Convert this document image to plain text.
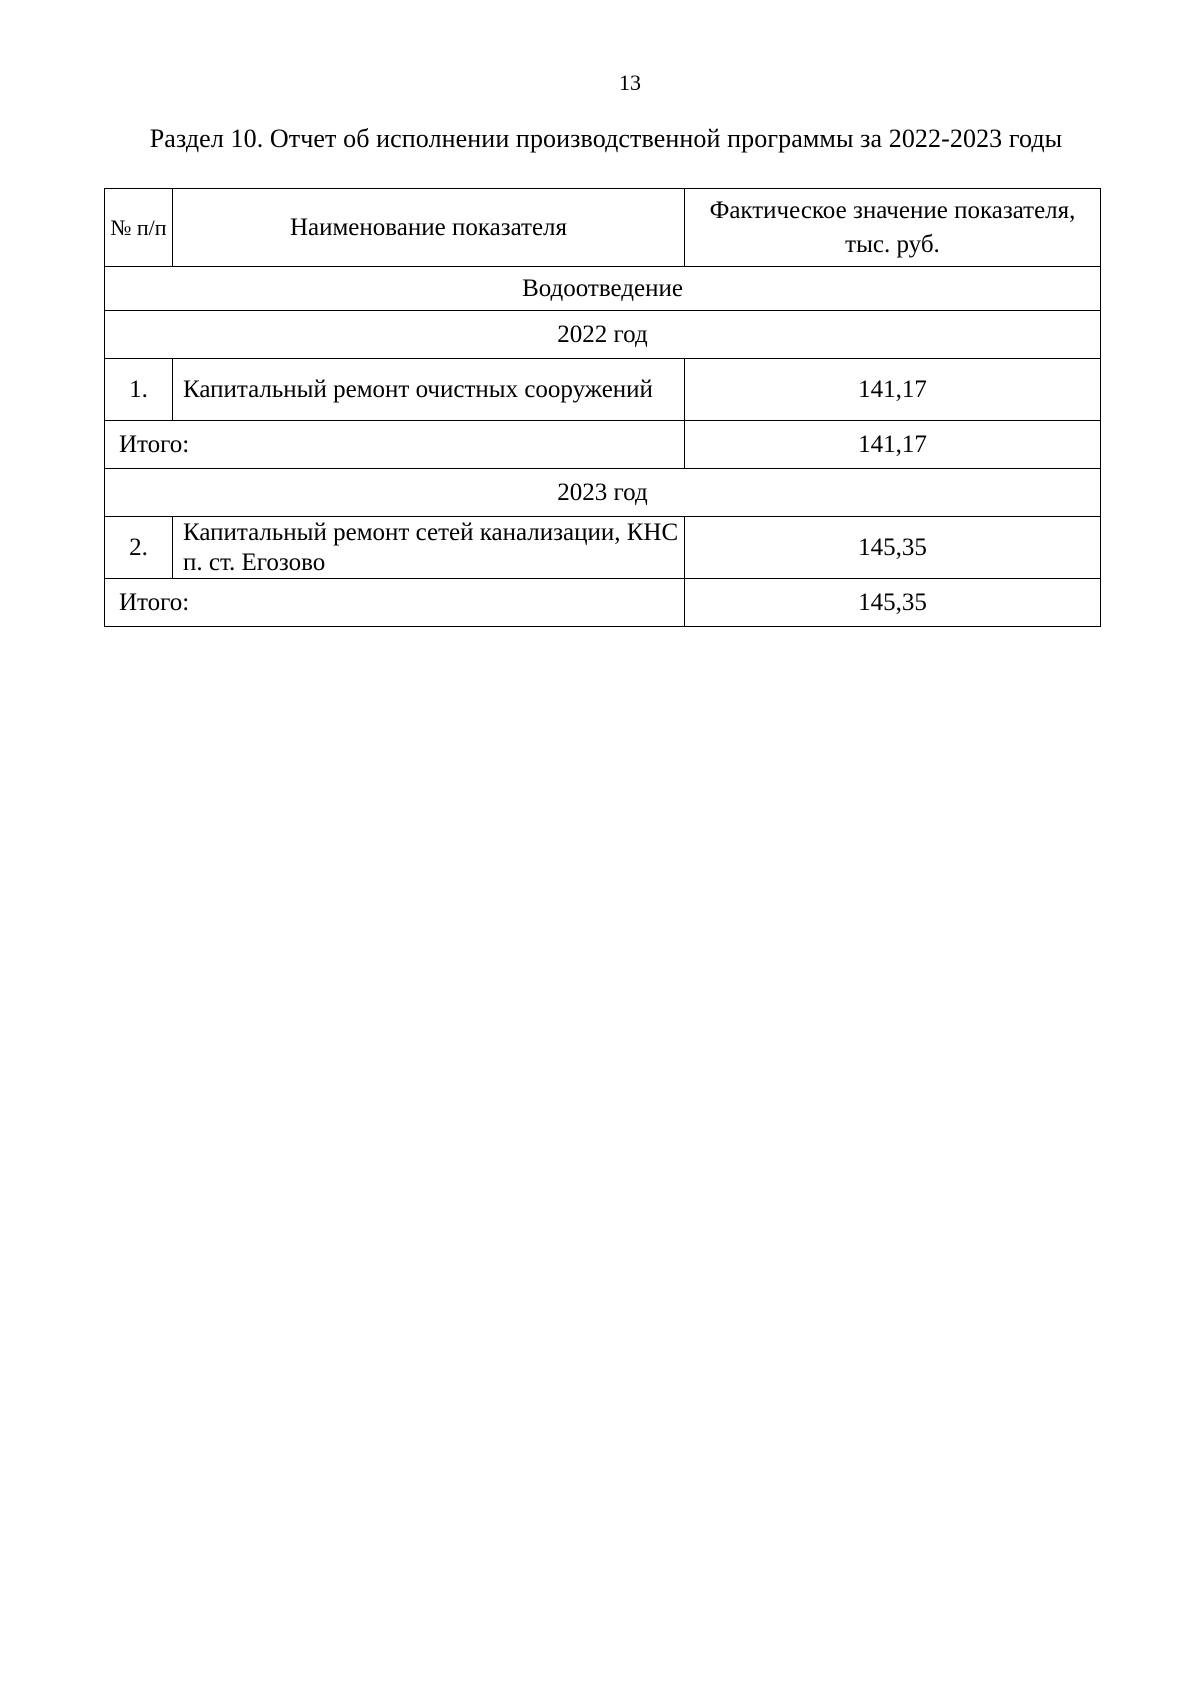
13
Раздел 10. Отчет об исполнении производственной программы за 2022-2023 годы
№ п/п	Наименование показателя	Фактическое значение показателя, тыс. руб.
Водоотведение		
2022 год		
1.	Капитальный ремонт очистных сооружений	141,17
Итого:		141,17
2023 год		
2.	Капитальный ремонт сетей канализации, КНС п. ст. Егозово	145,35
Итого:		145,35
